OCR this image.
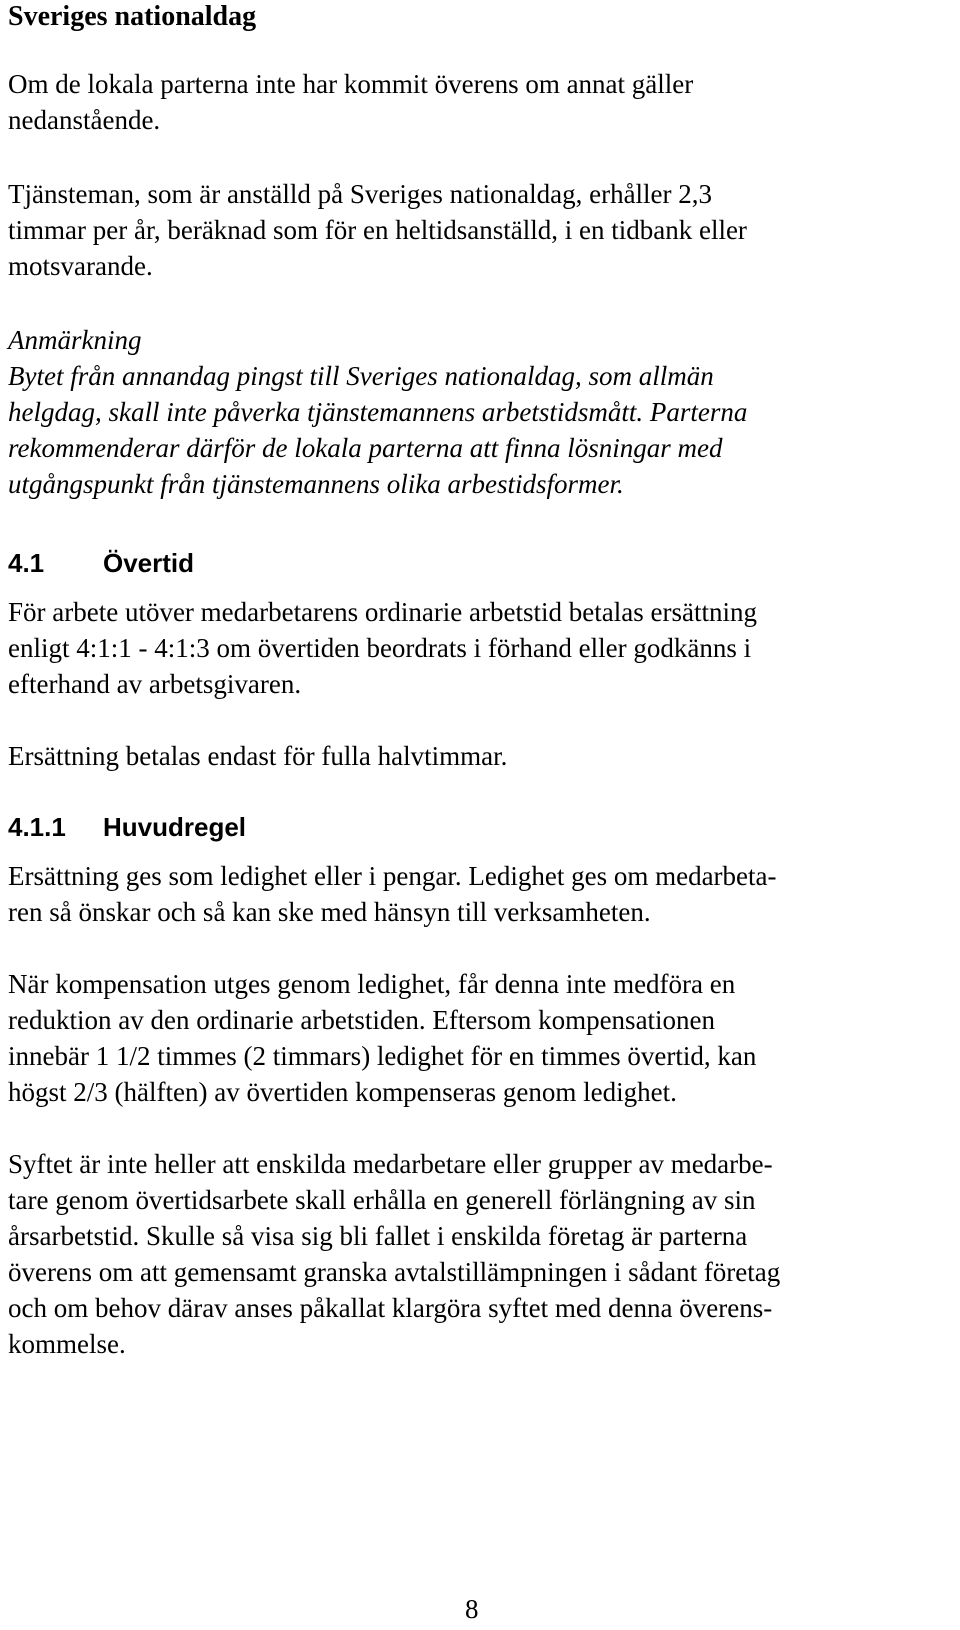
Sveriges nationaldag
Om de lokala parterna inte har kommit överens om annat gäller
nedanstående.
Tjänsteman, som är anställd på Sveriges nationaldag, erhåller 2,3
timmar per år, beräknad som för en heltidsanställd, i en tidbank eller
motsvarande.
Anmärkning
Bytet från annandag pingst till Sveriges nationaldag, som allmän
helgdag, skall inte påverka tjänstemannens arbetstidsmått. Parterna
rekommenderar därför de lokala parterna att finna lösningar med
utgångspunkt från tjänstemannens olika arbestidsformer.
4.1 Övertid
För arbete utöver medarbetarens ordinarie arbetstid betalas ersättning
enligt 4:1:1 - 4:1:3 om övertiden beordrats i förhand eller godkänns i
efterhand av arbetsgivaren.
Ersättning betalas endast för fulla halvtimmar.
4.1.1 Huvudregel
Ersättning ges som ledighet eller i pengar. Ledighet ges om medarbeta-
ren så önskar och så kan ske med hänsyn till verksamheten.
När kompensation utges genom ledighet, får denna inte medföra en
reduktion av den ordinarie arbetstiden. Eftersom kompensationen
innebär 1 1/2 timmes (2 timmars) ledighet för en timmes övertid, kan
högst 2/3 (hälften) av övertiden kompenseras genom ledighet.
Syftet är inte heller att enskilda medarbetare eller grupper av medarbe-
tare genom övertidsarbete skall erhålla en generell förlängning av sin
årsarbetstid. Skulle så visa sig bli fallet i enskilda företag är parterna
överens om att gemensamt granska avtalstillämpningen i sådant företag
och om behov därav anses påkallat klargöra syftet med denna överens-
kommelse.
8
